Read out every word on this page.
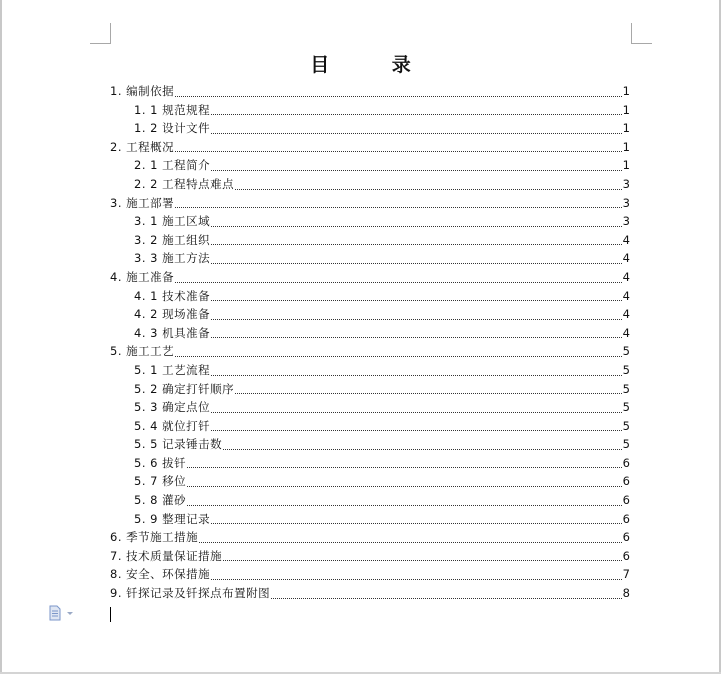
目 录
1. 编制依据	1
1. 1 规范规程	1
1. 2 设计文件	1
2. 工程概况	1
2. 1 工程简介	1
2. 2 工程特点难点	3
3. 施工部署	3
3. 1 施工区域	3
3. 2 施工组织	4
3. 3 施工方法	4
4. 施工准备	4
4. 1 技术准备	4
4. 2 现场准备	4
4. 3 机具准备	4
5. 施工工艺	5
5. 1 工艺流程	5
5. 2 确定打钎顺序	5
5. 3 确定点位	5
5. 4 就位打钎	5
5. 5 记录锤击数	5
5. 6 拔钎	6
5. 7 移位	6
5. 8 灌砂	6
5. 9 整理记录	6
6. 季节施工措施	6
7. 技术质量保证措施	6
8. 安全、环保措施	7
9. 钎探记录及钎探点布置附图	8
